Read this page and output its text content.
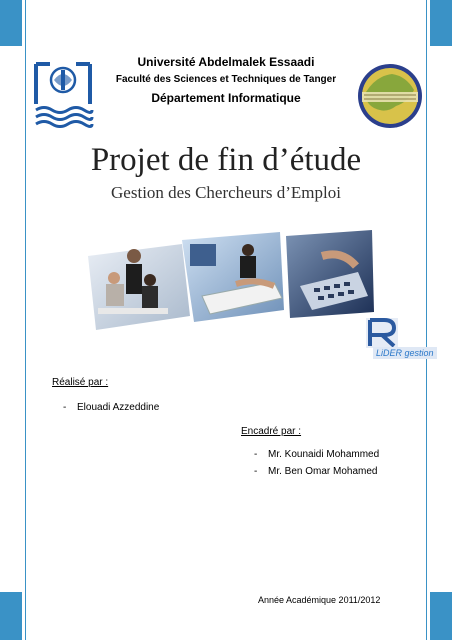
Université Abdelmalek Essaadi
Faculté des Sciences et Techniques de Tanger
Département Informatique
Projet de fin d’étude
Gestion des Chercheurs d’Emploi
LiDER gestion
Réalisé par :
- Elouadi Azzeddine
Encadré par :
- Mr. Kounaidi Mohammed
- Mr. Ben Omar Mohamed
Année Académique 2011/2012
